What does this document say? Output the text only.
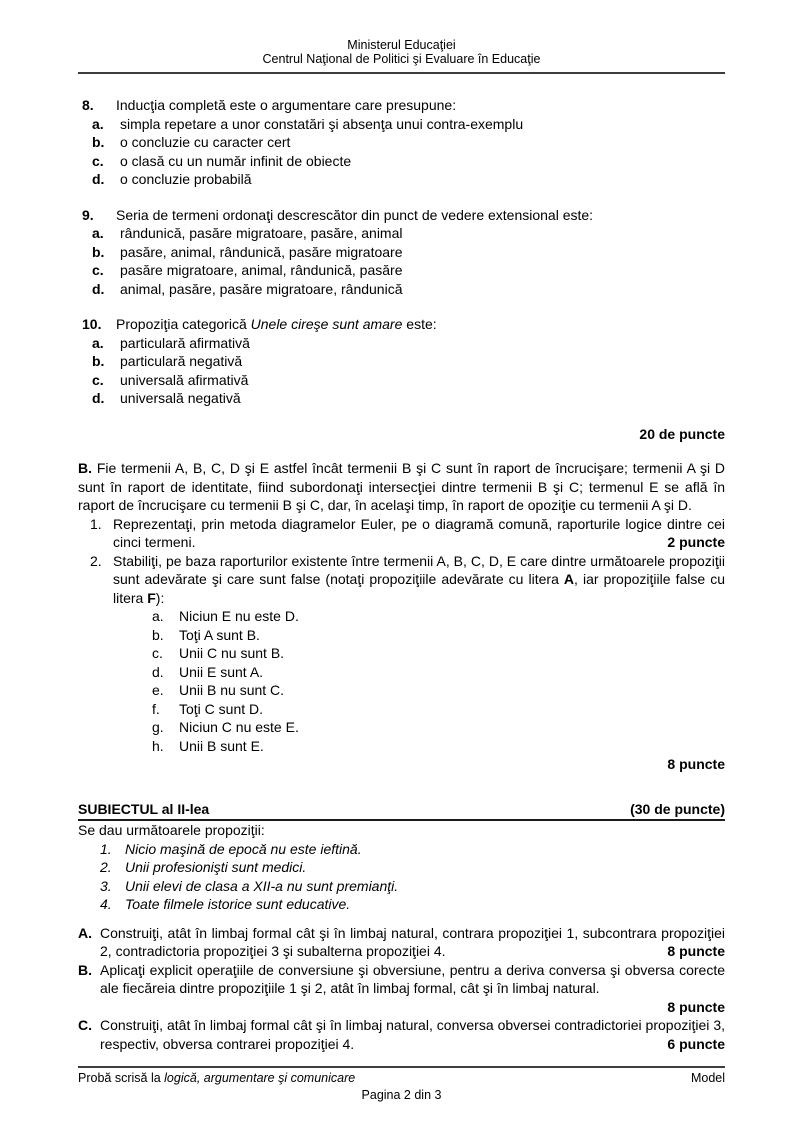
Ministerul Educaţiei
Centrul Naţional de Politici şi Evaluare în Educaţie
8.	Inducţia completă este o argumentare care presupune:
a.	simpla repetare a unor constatări şi absenţa unui contra-exemplu
b.	o concluzie cu caracter cert
c.	o clasă cu un număr infinit de obiecte
d.	o concluzie probabilă
9.	Seria de termeni ordonaţi descrescător din punct de vedere extensional este:
a.	rândunică, pasăre migratoare, pasăre, animal
b.	pasăre, animal, rândunică, pasăre migratoare
c.	pasăre migratoare, animal, rândunică, pasăre
d.	animal, pasăre, pasăre migratoare, rândunică
10.	Propoziţia categorică Unele cireşe sunt amare este:
a.	particulară afirmativă
b.	particulară negativă
c.	universală afirmativă
d.	universală negativă
20 de puncte
B. Fie termenii A, B, C, D şi E astfel încât termenii B şi C sunt în raport de încrucişare; termenii A şi D sunt în raport de identitate, fiind subordonaţi intersecţiei dintre termenii B şi C; termenul E se află în raport de încrucişare cu termenii B şi C, dar, în acelaşi timp, în raport de opoziţie cu termenii A şi D.
1. Reprezentaţi, prin metoda diagramelor Euler, pe o diagramă comună, raporturile logice dintre cei cinci termeni.	2 puncte
2. Stabiliţi, pe baza raporturilor existente între termenii A, B, C, D, E care dintre următoarele propoziţii sunt adevărate şi care sunt false (notaţi propoziţiile adevărate cu litera A, iar propoziţiile false cu litera F):
a.	Niciun E nu este D.
b.	Toţi A sunt B.
c.	Unii C nu sunt B.
d.	Unii E sunt A.
e.	Unii B nu sunt C.
f.	Toţi C sunt D.
g.	Niciun C nu este E.
h.	Unii B sunt E.
8 puncte
SUBIECTUL al II-lea	(30 de puncte)
Se dau următoarele propoziţii:
1. Nicio maşină de epocă nu este ieftină.
2. Unii profesionişti sunt medici.
3. Unii elevi de clasa a XII-a nu sunt premianţi.
4. Toate filmele istorice sunt educative.
A. Construiţi, atât în limbaj formal cât şi în limbaj natural, contrara propoziţiei 1, subcontrara propoziţiei 2, contradictoria propoziţiei 3 şi subalterna propoziţiei 4.	8 puncte
B. Aplicaţi explicit operaţiile de conversiune şi obversiune, pentru a deriva conversa şi obversa corecte ale fiecăreia dintre propoziţiile 1 şi 2, atât în limbaj formal, cât şi în limbaj natural.
8 puncte
C. Construiţi, atât în limbaj formal cât şi în limbaj natural, conversa obversei contradictoriei propoziţiei 3, respectiv, obversa contrarei propoziţiei 4.	6 puncte
Probă scrisă la logică, argumentare şi comunicare	Model
Pagina 2 din 3
